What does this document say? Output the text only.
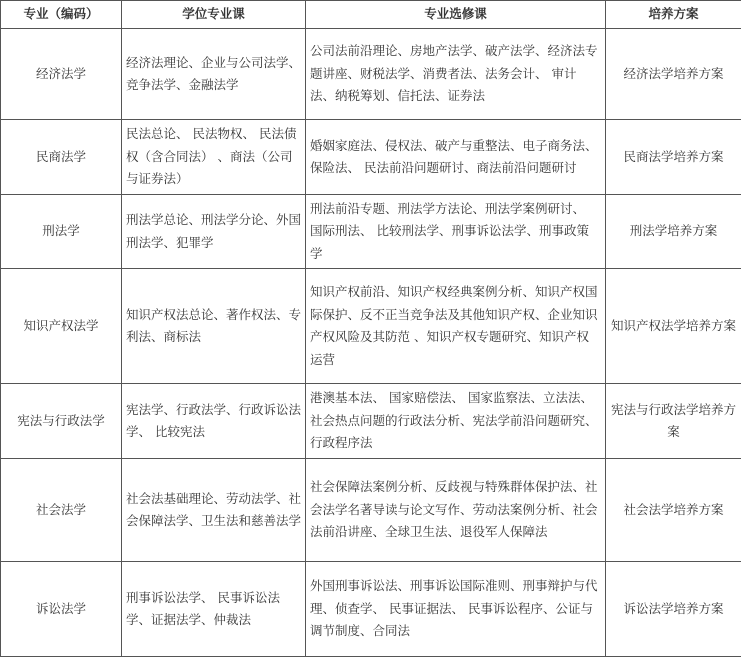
专业（编码）	学位专业课	专业选修课	培养方案
经济法学	经济法理论、企业与公司法学、竞争法学、金融法学	公司法前沿理论、房地产法学、破产法学、经济法专题讲座、财税法学、消费者法、法务会计、 审计法、纳税筹划、信托法、证券法	经济法学培养方案
民商法学	民法总论、 民法物权、 民法债权（含合同法） 、商法（公司与证券法）	婚姻家庭法、侵权法、破产与重整法、电子商务法、保险法、 民法前沿问题研讨、商法前沿问题研讨	民商法学培养方案
刑法学	刑法学总论、刑法学分论、外国刑法学、犯罪学	刑法前沿专题、刑法学方法论、刑法学案例研讨、 国际刑法、 比较刑法学、刑事诉讼法学、刑事政策学	刑法学培养方案
知识产权法学	知识产权法总论、著作权法、专利法、商标法	知识产权前沿、知识产权经典案例分析、知识产权国际保护、反不正当竞争法及其他知识产权、企业知识产权风险及其防范 、知识产权专题研究、知识产权运营	知识产权法学培养方案
宪法与行政法学	宪法学、行政法学、行政诉讼法学、 比较宪法	港澳基本法、 国家赔偿法、 国家监察法、立法法、社会热点问题的行政法分析、宪法学前沿问题研究、行政程序法	宪法与行政法学培养方案
社会法学	社会法基础理论、劳动法学、社会保障法学、卫生法和慈善法学	社会保障法案例分析、反歧视与特殊群体保护法、社会法学名著导读与论文写作、劳动法案例分析、社会法前沿讲座、全球卫生法、退役军人保障法	社会法学培养方案
诉讼法学	刑事诉讼法学、 民事诉讼法学、证据法学、仲裁法	外国刑事诉讼法、刑事诉讼国际准则、刑事辩护与代理、侦查学、 民事证据法、 民事诉讼程序、公证与调节制度、合同法	诉讼法学培养方案
